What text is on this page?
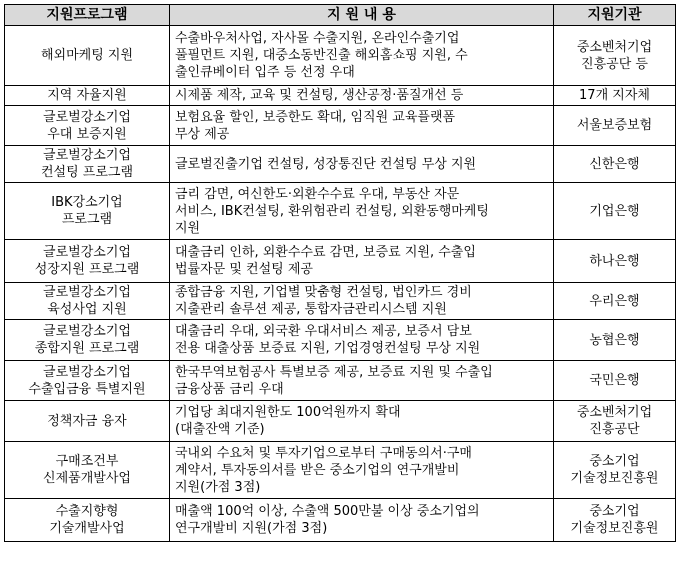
지원프로그램	지 원 내 용	지원기관

해외마케팅 지원	수출바우처사업, 자사몰 수출지원, 온라인수출기업
풀필먼트 지원, 대중소동반진출 해외홈쇼핑 지원, 수
출인큐베이터 입주 등 선정 우대	중소벤처기업
진흥공단 등

지역 자율지원	시제품 제작, 교육 및 컨설팅, 생산공정·품질개선 등	17개 지자체

글로벌강소기업
우대 보증지원	보험요율 할인, 보증한도 확대, 임직원 교육플랫폼
무상 제공	서울보증보험

글로벌강소기업
컨설팅 프로그램	글로벌진출기업 컨설팅, 성장통진단 컨설팅 무상 지원	신한은행

IBK강소기업
프로그램	금리 감면, 여신한도·외환수수료 우대, 부동산 자문
서비스, IBK컨설팅, 환위험관리 컨설팅, 외환동행마케팅
지원	기업은행

글로벌강소기업
성장지원 프로그램	대출금리 인하, 외환수수료 감면, 보증료 지원, 수출입
법률자문 및 컨설팅 제공	하나은행

글로벌강소기업
육성사업 지원	종합금융 지원, 기업별 맞춤형 컨설팅, 법인카드 경비
지출관리 솔루션 제공, 통합자금관리시스템 지원	우리은행

글로벌강소기업
종합지원 프로그램	대출금리 우대, 외국환 우대서비스 제공, 보증서 담보
전용 대출상품 보증료 지원, 기업경영컨설팅 무상 지원	농협은행

글로벌강소기업
수출입금융 특별지원	한국무역보험공사 특별보증 제공, 보증료 지원 및 수출입
금융상품 금리 우대	국민은행

정책자금 융자	기업당 최대지원한도 100억원까지 확대
(대출잔액 기준)	중소벤처기업
진흥공단

구매조건부
신제품개발사업	국내외 수요처 및 투자기업으로부터 구매동의서·구매
계약서, 투자동의서를 받은 중소기업의 연구개발비
지원(가점 3점)	중소기업
기술정보진흥원

수출지향형
기술개발사업	매출액 100억 이상, 수출액 500만불 이상 중소기업의
연구개발비 지원(가점 3점)	중소기업
기술정보진흥원
